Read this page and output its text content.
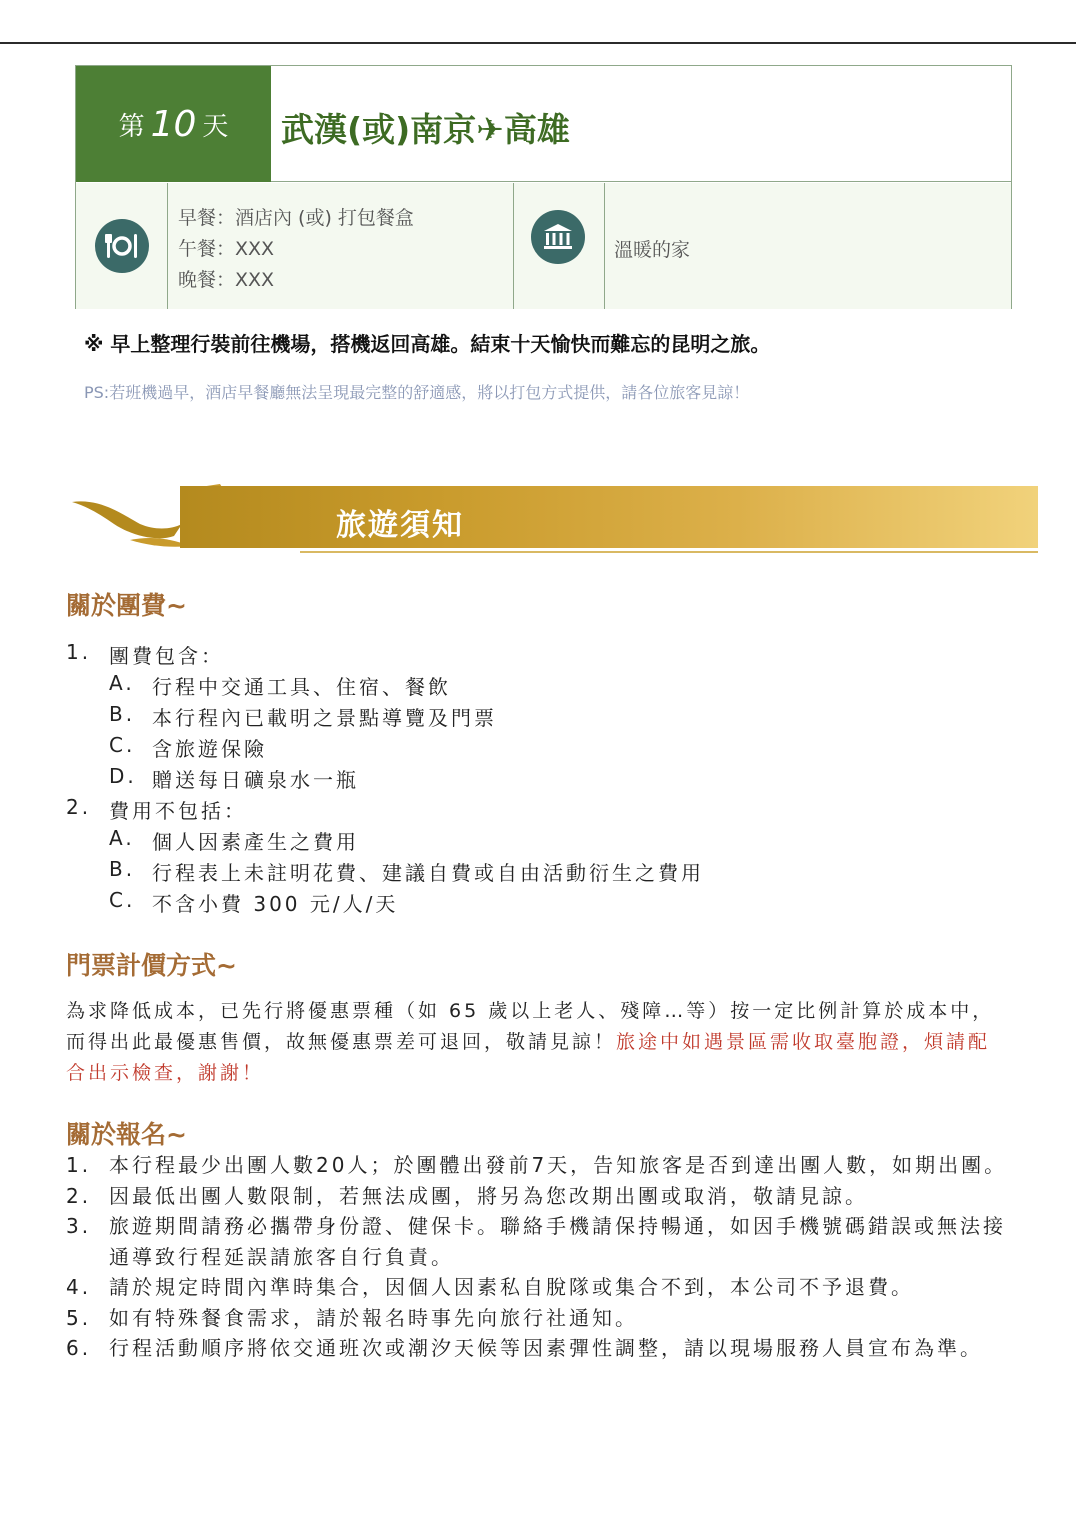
第 10 天 武漢(或)南京✈高雄
早餐：酒店內 (或) 打包餐盒
午餐：XXX
晚餐：XXX
溫暖的家
※ 早上整理行裝前往機場，搭機返回高雄。結束十天愉快而難忘的昆明之旅。
PS:若班機過早，酒店早餐廳無法呈現最完整的舒適感，將以打包方式提供，請各位旅客見諒！
旅遊須知
關於團費~
1. 團費包含：
A. 行程中交通工具、住宿、餐飲
B. 本行程內已載明之景點導覽及門票
C. 含旅遊保險
D. 贈送每日礦泉水一瓶
2. 費用不包括：
A. 個人因素產生之費用
B. 行程表上未註明花費、建議自費或自由活動衍生之費用
C. 不含小費 300 元/人/天
門票計價方式~
為求降低成本，已先行將優惠票種（如 65 歲以上老人、殘障…等）按一定比例計算於成本中，而得出此最優惠售價，故無優惠票差可退回，敬請見諒！旅途中如遇景區需收取臺胞證，煩請配合出示檢查，謝謝！
關於報名~
1. 本行程最少出團人數20人；於團體出發前7天，告知旅客是否到達出團人數，如期出團。
2. 因最低出團人數限制，若無法成團，將另為您改期出團或取消，敬請見諒。
3. 旅遊期間請務必攜帶身份證、健保卡。聯絡手機請保持暢通，如因手機號碼錯誤或無法接通導致行程延誤請旅客自行負責。
4. 請於規定時間內準時集合，因個人因素私自脫隊或集合不到，本公司不予退費。
5. 如有特殊餐食需求，請於報名時事先向旅行社通知。
6. 行程活動順序將依交通班次或潮汐天候等因素彈性調整，請以現場服務人員宣布為準。
